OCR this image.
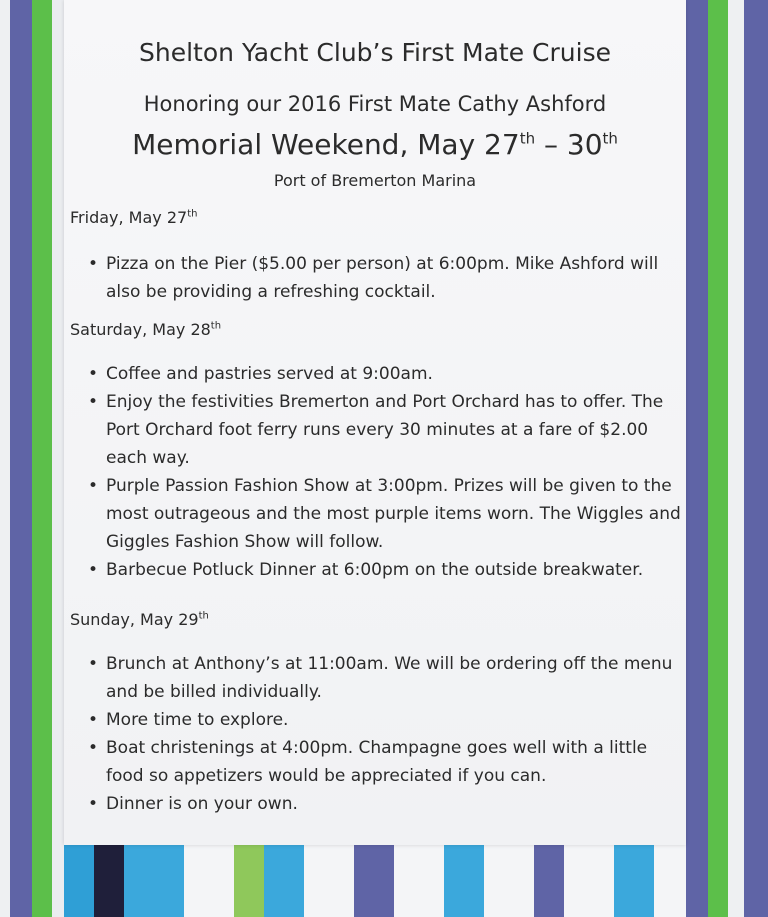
Shelton Yacht Club’s First Mate Cruise
Honoring our 2016 First Mate Cathy Ashford
Memorial Weekend, May 27th – 30th
Port of Bremerton Marina
Friday, May 27th
• Pizza on the Pier ($5.00 per person) at 6:00pm. Mike Ashford will also be providing a refreshing cocktail.
Saturday, May 28th
• Coffee and pastries served at 9:00am.
• Enjoy the festivities Bremerton and Port Orchard has to offer. The Port Orchard foot ferry runs every 30 minutes at a fare of $2.00 each way.
• Purple Passion Fashion Show at 3:00pm. Prizes will be given to the most outrageous and the most purple items worn. The Wiggles and Giggles Fashion Show will follow.
• Barbecue Potluck Dinner at 6:00pm on the outside breakwater.
Sunday, May 29th
• Brunch at Anthony’s at 11:00am. We will be ordering off the menu and be billed individually.
• More time to explore.
• Boat christenings at 4:00pm. Champagne goes well with a little food so appetizers would be appreciated if you can.
• Dinner is on your own.
